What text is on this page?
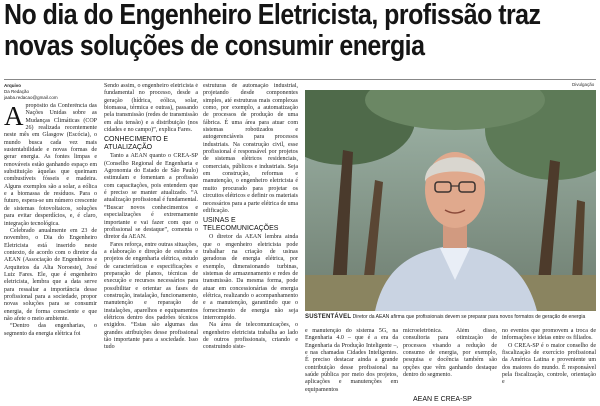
No dia do Engenheiro Eletricista, profissão traz novas soluções de consumir energia
Arquivo
Da Redação
jaaba.redacao@gmail.com
A propósito da Conferência das Nações Unidas sobre as Mudanças Climáticas (COP 26) realizada recentemente neste mês em Glasgow (Escócia), o mundo busca cada vez mais sustentabilidade e novas formas de gerar energia. As fontes limpas e renováveis estão ganhando espaço em substituição àquelas que queimam combustíveis fósseis e madeira. Alguns exemplos são a solar, a eólica e a biomassa de resíduos. Para o futuro, espera-se um número crescente de sistemas fotovoltaicos, soluções para evitar desperdícios, e, é claro, integração tecnológica.

Celebrado anualmente em 23 de novembro, o Dia do Engenheiro Eletricista está inserido neste contexto, de acordo com o diretor da AEAN (Associação de Engenheiros e Arquitetos da Alta Noroeste), José Luiz Fares. Ele, que é engenheiro eletricista, lembra que a data serve para ressaltar a importância desse profissional para a sociedade, propor novas soluções para se consumir energia, de forma consciente e que não afete o meio ambiente.

“Dentro das engenharias, o segmento da energia elétrica foi

Sendo assim, o engenheiro eletricista é fundamental no processo, desde a geração (hídrica, eólica, solar, biomassa, térmica e outras), passando pela transmissão (redes de transmissão em alta tensão) e a distribuição (nos cidades e no campo)”, explica Fares.

CONHECIMENTO E ATUALIZAÇÃO

Tanto a AEAN quanto o CREA-SP (Conselho Regional de Engenharia e Agronomia do Estado de São Paulo) estimulam e fomentam a profissão com capacitações, pois entendem que é preciso se manter atualizado. “A atualização profissional é fundamental. “Buscar novos conhecimentos e especializações é extremamente importante e vai fazer com que o profissional se destaque”, comenta o diretor da AEAN.

Fares reforça, entre outras situações, a elaboração e direção de estudos e projetos de engenharia elétrica, estudo de características e especificações e preparação de planos, técnicas de execução e recursos necessários para possibilitar e orientar as fases de construção, instalação, funcionamento, manutenção e reparação de instalações, aparelhos e equipamentos elétricos dentro dos padrões técnicos exigidos. “Estas são algumas das grandes atribuições desse profissional tão importante para a sociedade. Isso tudo

estruturas de automação industrial, projetando desde componentes simples, até estruturas mais complexas como, por exemplo, a automatização de processos de produção de uma fábrica. É uma área para atuar com sistemas robotizados e autogerenciáveis para processos industriais. Na construção civil, esse profissional é responsável por projetos de sistemas elétricos residenciais, comerciais, públicos e industriais. Seja em construção, reformas e manutenção, o engenheiro eletricista é muito procurado para projetar os circuitos elétricos e definir os materiais necessários para a parte elétrica de uma edificação.

USINAS E TELECOMUNICAÇÕES

O diretor da AEAN lembra ainda que o engenheiro eletricista pode trabalhar na criação de usinas geradoras de energia elétrica, por exemplo, dimensionando turbinas, sistemas de armazenamento e redes de transmissão. Da mesma forma, pode atuar em concessionárias de energia elétrica, realizando o acompanhamento e a manutenção, garantindo que o fornecimento de energia não seja interrompido.

Na área de telecomunicações, o engenheiro eletricista trabalha ao lado de outros profissionais, criando e construindo siste-

Divulgação
SUSTENTÁVEL Diretor da AEAN afirma que profissionais devem se preparar para novos formatos de geração de energia

e manutenção do sistema 5G, na Engenharia 4.0 – que é a era da Engenharia da Produção Inteligente –, e nas chamadas Cidades Inteligentes. É preciso destacar ainda a grande contribuição desse profissional na saúde pública por meio dos projetos, aplicações e manutenções em equipamentos

microeletrônica. Além disso, consultoria para otimização de processos visando a redução de consumo de energia, por exemplo, pesquisa e docência também são opções que vêm ganhando destaque dentro do segmento.

AEAN E CREA-SP

no eventos que promovem a troca de informações e ideias entre os filiados.

O CREA-SP é o maior conselho de fiscalização de exercício profissional da América Latina e proveniente um dos maiores do mundo. É responsável pela fiscalização, controle, orientação e
